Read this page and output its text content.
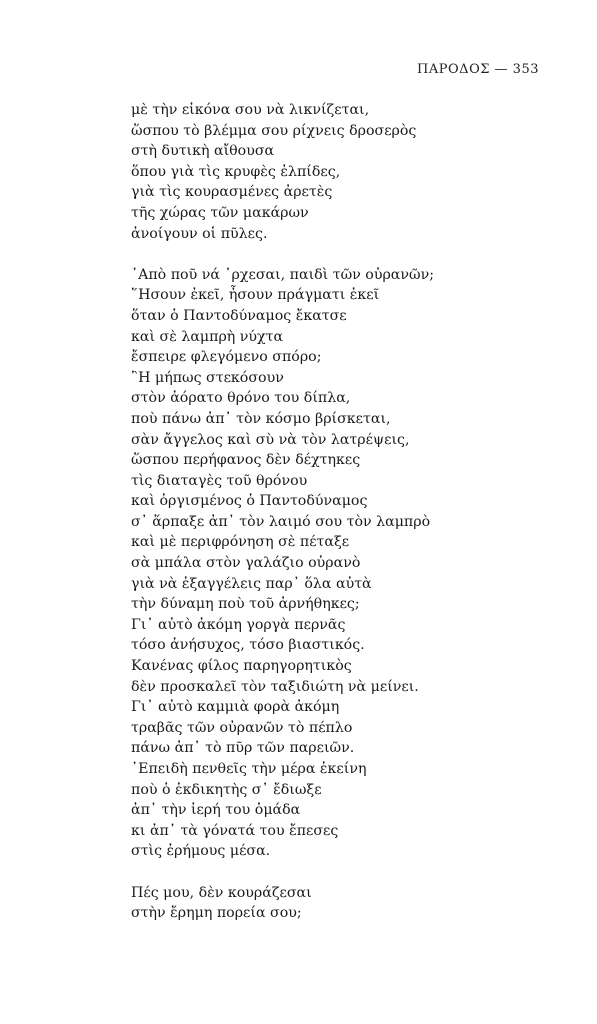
ΠΑΡΟΔΟΣ — 353
μὲ τὴν εἰκόνα σου νὰ λικνίζεται,
ὥσπου τὸ βλέμμα σου ρίχνεις δροσερὸς
στὴ δυτικὴ αἴθουσα
ὅπου γιὰ τὶς κρυφὲς ἐλπίδες,
γιὰ τὶς κουρασμένες ἀρετὲς
τῆς χώρας τῶν μακάρων
ἀνοίγουν οἱ πῦλες.
᾿Απὸ ποῦ νά ᾿ρχεσαι, παιδὶ τῶν οὐρανῶν;
῞Ησουν ἐκεῖ, ἦσουν πράγματι ἐκεῖ
ὅταν ὁ Παντοδύναμος ἔκατσε
καὶ σὲ λαμπρὴ νύχτα
ἔσπειρε φλεγόμενο σπόρο;
῍Η μήπως στεκόσουν
στὸν ἀόρατο θρόνο του δίπλα,
ποὺ πάνω ἀπ᾿ τὸν κόσμο βρίσκεται,
σὰν ἄγγελος καὶ σὺ νὰ τὸν λατρέψεις,
ὥσπου περήφανος δὲν δέχτηκες
τὶς διαταγὲς τοῦ θρόνου
καὶ ὀργισμένος ὁ Παντοδύναμος
σ᾿ ἅρπαξε ἀπ᾿ τὸν λαιμό σου τὸν λαμπρὸ
καὶ μὲ περιφρόνηση σὲ πέταξε
σὰ μπάλα στὸν γαλάζιο οὐρανὸ
γιὰ νὰ ἐξαγγέλεις παρ᾿ ὅλα αὐτὰ
τὴν δύναμη ποὺ τοῦ ἀρνήθηκες;
Γι᾿ αὐτὸ ἀκόμη γοργὰ περνᾶς
τόσο ἀνήσυχος, τόσο βιαστικός.
Κανένας φίλος παρηγορητικὸς
δὲν προσκαλεῖ τὸν ταξιδιώτη νὰ μείνει.
Γι᾿ αὐτὸ καμμιὰ φορὰ ἀκόμη
τραβᾶς τῶν οὐρανῶν τὸ πέπλο
πάνω ἀπ᾿ τὸ πῦρ τῶν παρειῶν.
᾿Επειδὴ πενθεῖς τὴν μέρα ἐκείνη
ποὺ ὁ ἐκδικητὴς σ᾿ ἔδιωξε
ἀπ᾿ τὴν ἱερή του ὁμάδα
κι ἀπ᾿ τὰ γόνατά του ἔπεσες
στὶς ἐρήμους μέσα.
Πές μου, δὲν κουράζεσαι
στὴν ἔρημη πορεία σου;
